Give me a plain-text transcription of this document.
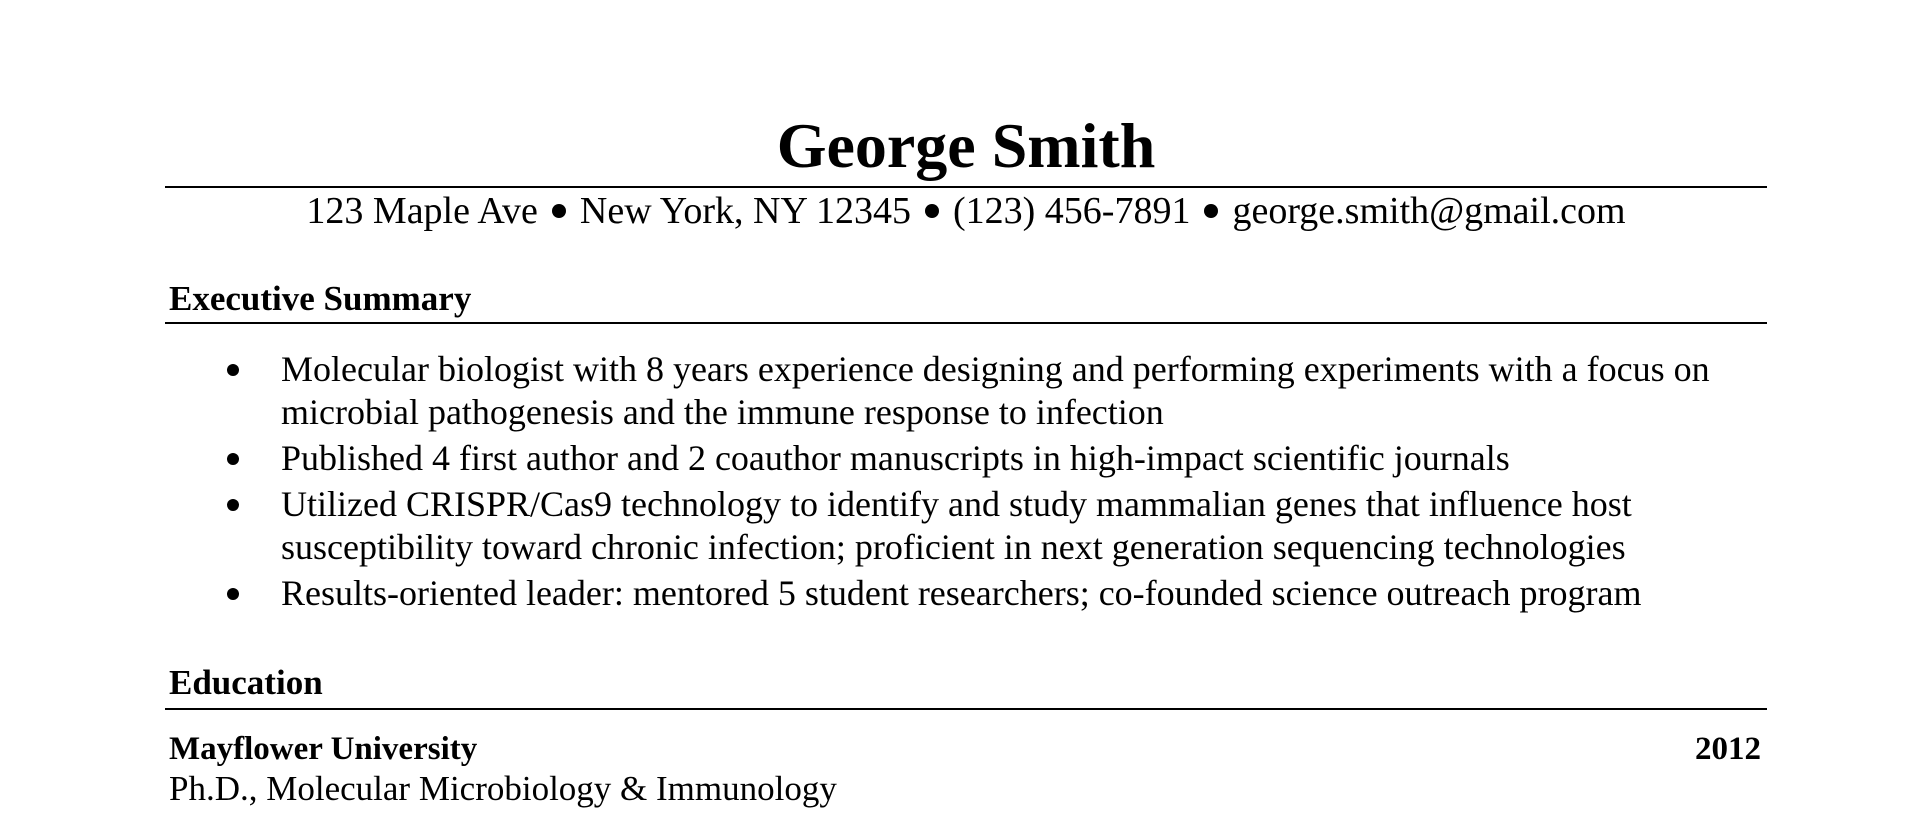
George Smith
123 Maple Ave New York, NY 12345 (123) 456-7891 george.smith@gmail.com
Executive Summary
Molecular biologist with 8 years experience designing and performing experiments with a focus on microbial pathogenesis and the immune response to infection
Published 4 first author and 2 coauthor manuscripts in high-impact scientific journals
Utilized CRISPR/Cas9 technology to identify and study mammalian genes that influence host susceptibility toward chronic infection; proficient in next generation sequencing technologies
Results-oriented leader: mentored 5 student researchers; co-founded science outreach program
Education
Mayflower University	2012
Ph.D., Molecular Microbiology & Immunology
